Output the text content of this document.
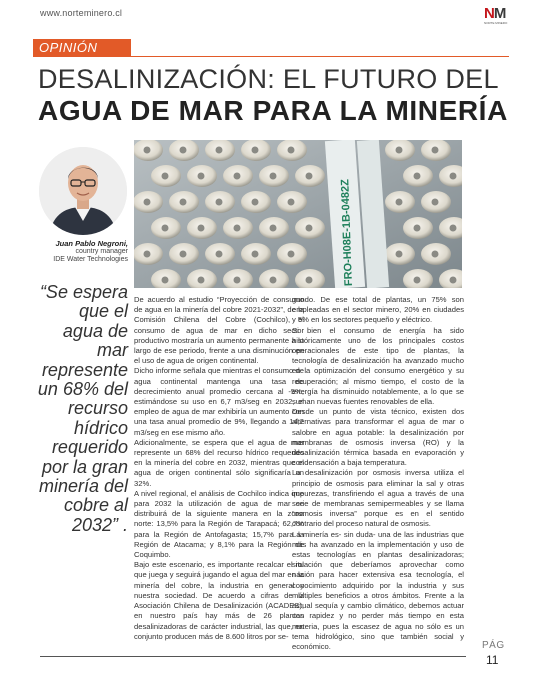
www.nortеminero.cl	NM
NORTE MINERO
OPINIÓN
DESALINIZACIÓN: EL FUTURO DEL
AGUA DE MAR PARA LA MINERÍA
FRO-H08E-1B-0482Z
Juan Pablo Negroni,
country manager
IDE Water Technologies
“Se espera que el agua de mar represente un 68% del recurso hídrico requerido por la gran minería del cobre al 2032” .

De acuerdo al estudio “Proyección de consumo de agua en la minería del cobre 2021-2032”, de la Comisión Chilena del Cobre (Cochilco), el consumo de agua de mar en dicho sector productivo mostraría un aumento permanente a lo largo de ese periodo, frente a una disminución en el uso de agua de origen continental.

Dicho informe señala que mientras el consumo de agua continental mantenga una tasa de decrecimiento anual promedio cercana al -5%, estimándose su uso en 6,7 m3/seg en 2032, el empleo de agua de mar exhibiría un aumento con una tasa anual promedio de 9%, llegando a 14,2 m3/seg en ese mismo año.

Adicionalmente, se espera que el agua de mar represente un 68% del recurso hídrico requerido en la minería del cobre en 2032, mientras que el agua de origen continental sólo significaría un 32%.

A nivel regional, el análisis de Cochilco indica que para 2032 la utilización de agua de mar se distribuirá de la siguiente manera en la zona norte: 13,5% para la Región de Tarapacá; 62,7% para la Región de Antofagasta; 15,7% para la Región de Atacama; y 8,1% para la Región de Coquimbo.

Bajo este escenario, es importante recalcar el rol que juega y seguirá jugando el agua del mar en la minería del cobre, la industria en general y nuestra sociedad. De acuerdo a cifras de la Asociación Chilena de Desalinización (ACADES), en nuestro país hay más de 26 plantas desalinizadoras de carácter industrial, las que, en conjunto producen más de 8.600 litros por se-

gundo. De ese total de plantas, un 75% son empleadas en el sector minero, 20% en ciudades y 5% en los sectores pequeño y eléctrico.

Si bien el consumo de energía ha sido históricamente uno de los principales costos operacionales de este tipo de plantas, la tecnología de desalinización ha avanzado mucho en la optimización del consumo energético y su recuperación; al mismo tiempo, el costo de la energía ha disminuido notablemente, a lo que se suman nuevas fuentes renovables de ella.

Desde un punto de vista técnico, existen dos alternativas para transformar el agua de mar o salobre en agua potable: la desalinización por membranas de osmosis inversa (RO) y la desalinización térmica basada en evaporación y condensación a baja temperatura.

La desalinización por osmosis inversa utiliza el principio de osmosis para eliminar la sal y otras impurezas, transfiriendo el agua a través de una serie de membranas semipermeables y se llama “osmosis inversa” porque es en el sentido contrario del proceso natural de osmosis.

La minería es- sin duda- una de las industrias que más ha avanzado en la implementación y uso de estas tecnologías en plantas desalinizadoras; situación que deberíamos aprovechar como nación para hacer extensiva esa tecnología, el conocimiento adquirido por la industria y sus múltiples beneficios a otros ámbitos. Frente a la actual sequía y cambio climático, debemos actuar con rapidez y no perder más tiempo en esta materia, pues la escasez de agua no sólo es un tema hidrológico, sino que también social y económico.	PÁG
11
